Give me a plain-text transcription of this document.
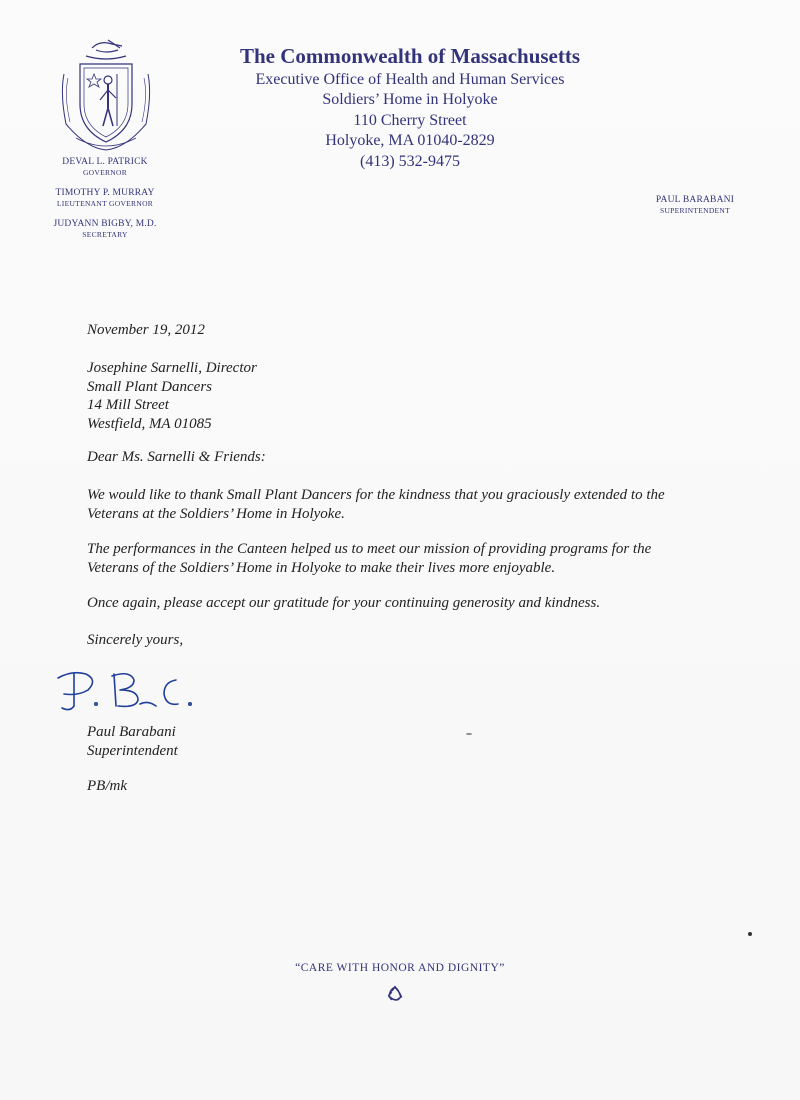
The Commonwealth of Massachusetts
Executive Office of Health and Human Services
Soldiers’ Home in Holyoke
110 Cherry Street
Holyoke, MA 01040-2829
(413) 532-9475
DEVAL L. PATRICK
GOVERNOR
TIMOTHY P. MURRAY
LIEUTENANT GOVERNOR
JUDYANN BIGBY, M.D.
SECRETARY
PAUL BARABANI
SUPERINTENDENT
November 19, 2012
Josephine Sarnelli, Director
Small Plant Dancers
14 Mill Street
Westfield, MA 01085
Dear Ms. Sarnelli & Friends:
We would like to thank Small Plant Dancers for the kindness that you graciously extended to the
Veterans at the Soldiers’ Home in Holyoke.
The performances in the Canteen helped us to meet our mission of providing programs for the
Veterans of the Soldiers’ Home in Holyoke to make their lives more enjoyable.
Once again, please accept our gratitude for your continuing generosity and kindness.
Sincerely yours,
Paul Barabani
Superintendent
PB/mk
“CARE WITH HONOR AND DIGNITY”
